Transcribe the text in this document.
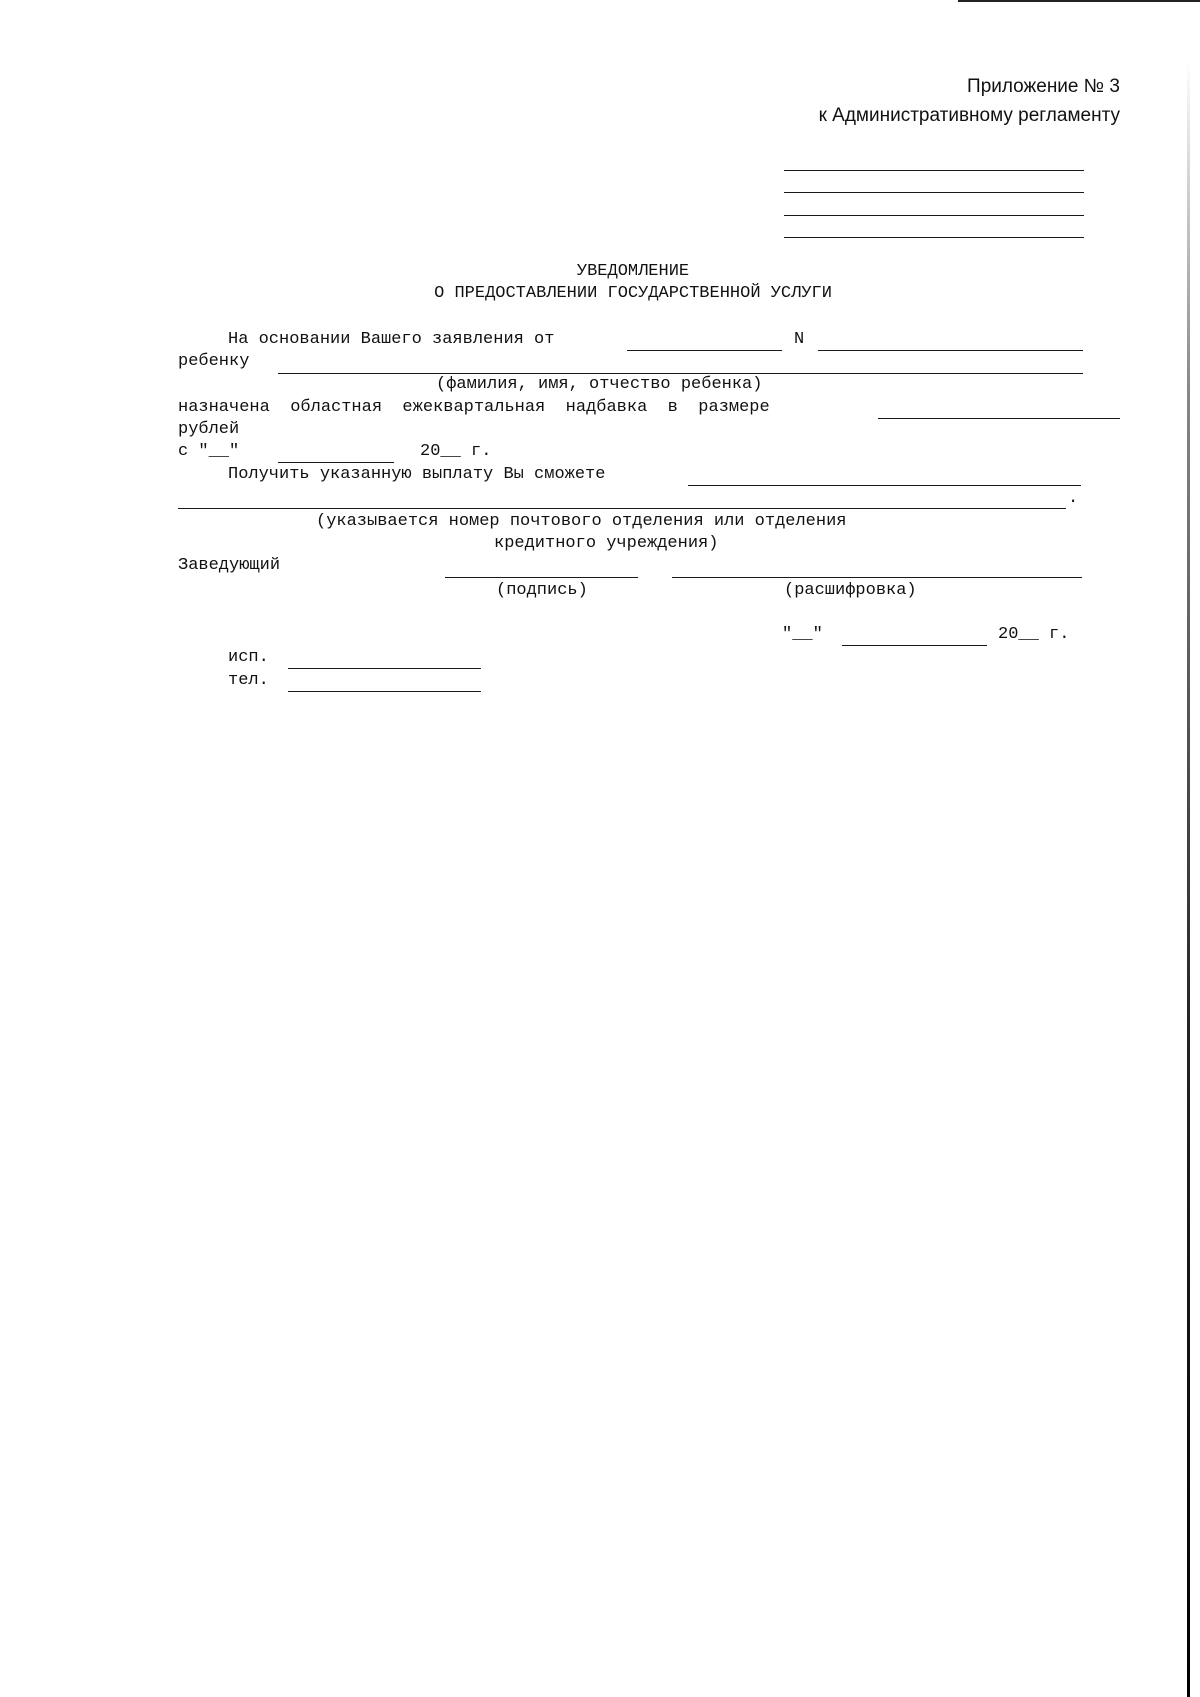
Приложение № 3
к Административному регламенту
УВЕДОМЛЕНИЕ
О ПРЕДОСТАВЛЕНИИ ГОСУДАРСТВЕННОЙ УСЛУГИ
На основании Вашего заявления от	N
ребенку
(фамилия, имя, отчество ребенка)
назначена  областная  ежеквартальная  надбавка  в  размере
рублей
с "__"	20__ г.
Получить указанную выплату Вы сможете
.
(указывается номер почтового отделения или отделения
кредитного учреждения)
Заведующий
(подпись)	(расшифровка)
"__"	20__ г.
исп.
тел.
